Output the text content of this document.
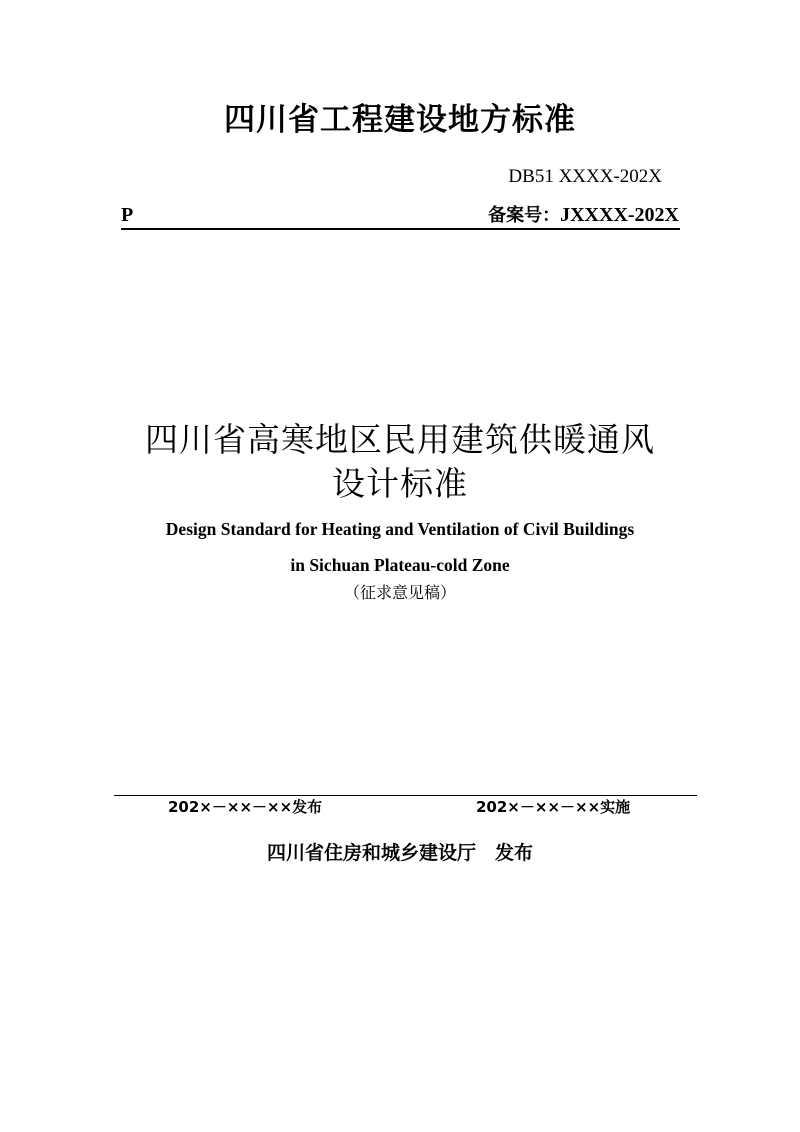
四川省工程建设地方标准
DB51 XXXX-202X
P	备案号：JXXXX-202X
四川省高寒地区民用建筑供暖通风
设计标准
Design Standard for Heating and Ventilation of Civil Buildings
in Sichuan Plateau-cold Zone
（征求意见稿）
202×－××－××发布	202×－××－××实施
四川省住房和城乡建设厅　发布
